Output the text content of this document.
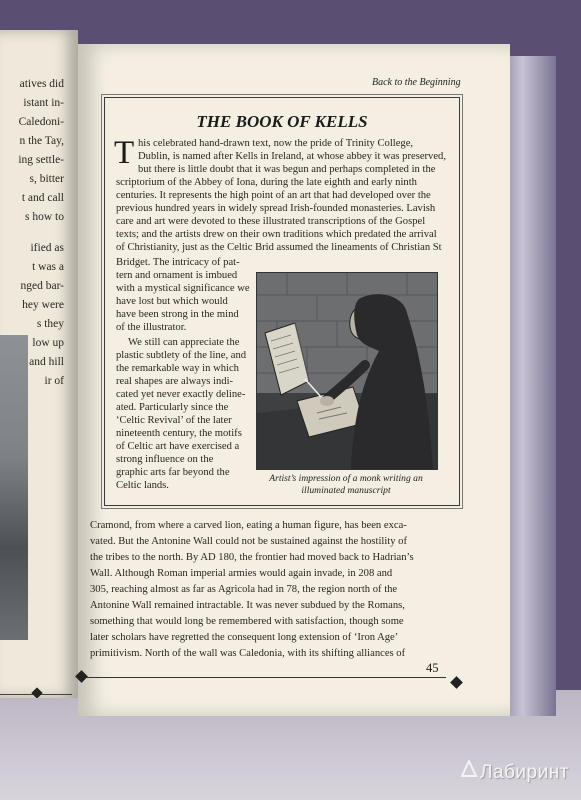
atives did
istant in-
Caledoni-
n the Tay,
ing settle-
s, bitter
t and call
s how to
ified as
t was a
nged bar-
hey were
s they
low up
and hill
ir of
Back to the Beginning
THE BOOK OF KELLS
T his celebrated hand-drawn text, now the pride of Trinity College,
Dublin, is named after Kells in Ireland, at whose abbey it was preserved,
but there is little doubt that it was begun and perhaps completed in the
scriptorium of the Abbey of Iona, during the late eighth and early ninth
centuries. It represents the high point of an art that had developed over the
previous hundred years in widely spread Irish-founded monasteries. Lavish
care and art were devoted to these illustrated transcriptions of the Gospel
texts; and the artists drew on their own traditions which predated the arrival
of Christianity, just as the Celtic Brid assumed the lineaments of Christian St
Bridget. The intricacy of pat-
tern and ornament is imbued
with a mystical significance we
have lost but which would
have been strong in the mind
of the illustrator.
We still can appreciate the
plastic subtlety of the line, and
the remarkable way in which
real shapes are always indi-
cated yet never exactly deline-
ated. Particularly since the
‘Celtic Revival’ of the later
nineteenth century, the motifs
of Celtic art have exercised a
strong influence on the
graphic arts far beyond the
Celtic lands.
Artist’s impression of a monk writing an
illuminated manuscript
Cramond, from where a carved lion, eating a human figure, has been exca-
vated. But the Antonine Wall could not be sustained against the hostility of
the tribes to the north. By AD 180, the frontier had moved back to Hadrian’s
Wall. Although Roman imperial armies would again invade, in 208 and
305, reaching almost as far as Agricola had in 78, the region north of the
Antonine Wall remained intractable. It was never subdued by the Romans,
something that would long be remembered with satisfaction, though some
later scholars have regretted the consequent long extension of ‘Iron Age’
primitivism. North of the wall was Caledonia, with its shifting alliances of
45
Лабиринт
